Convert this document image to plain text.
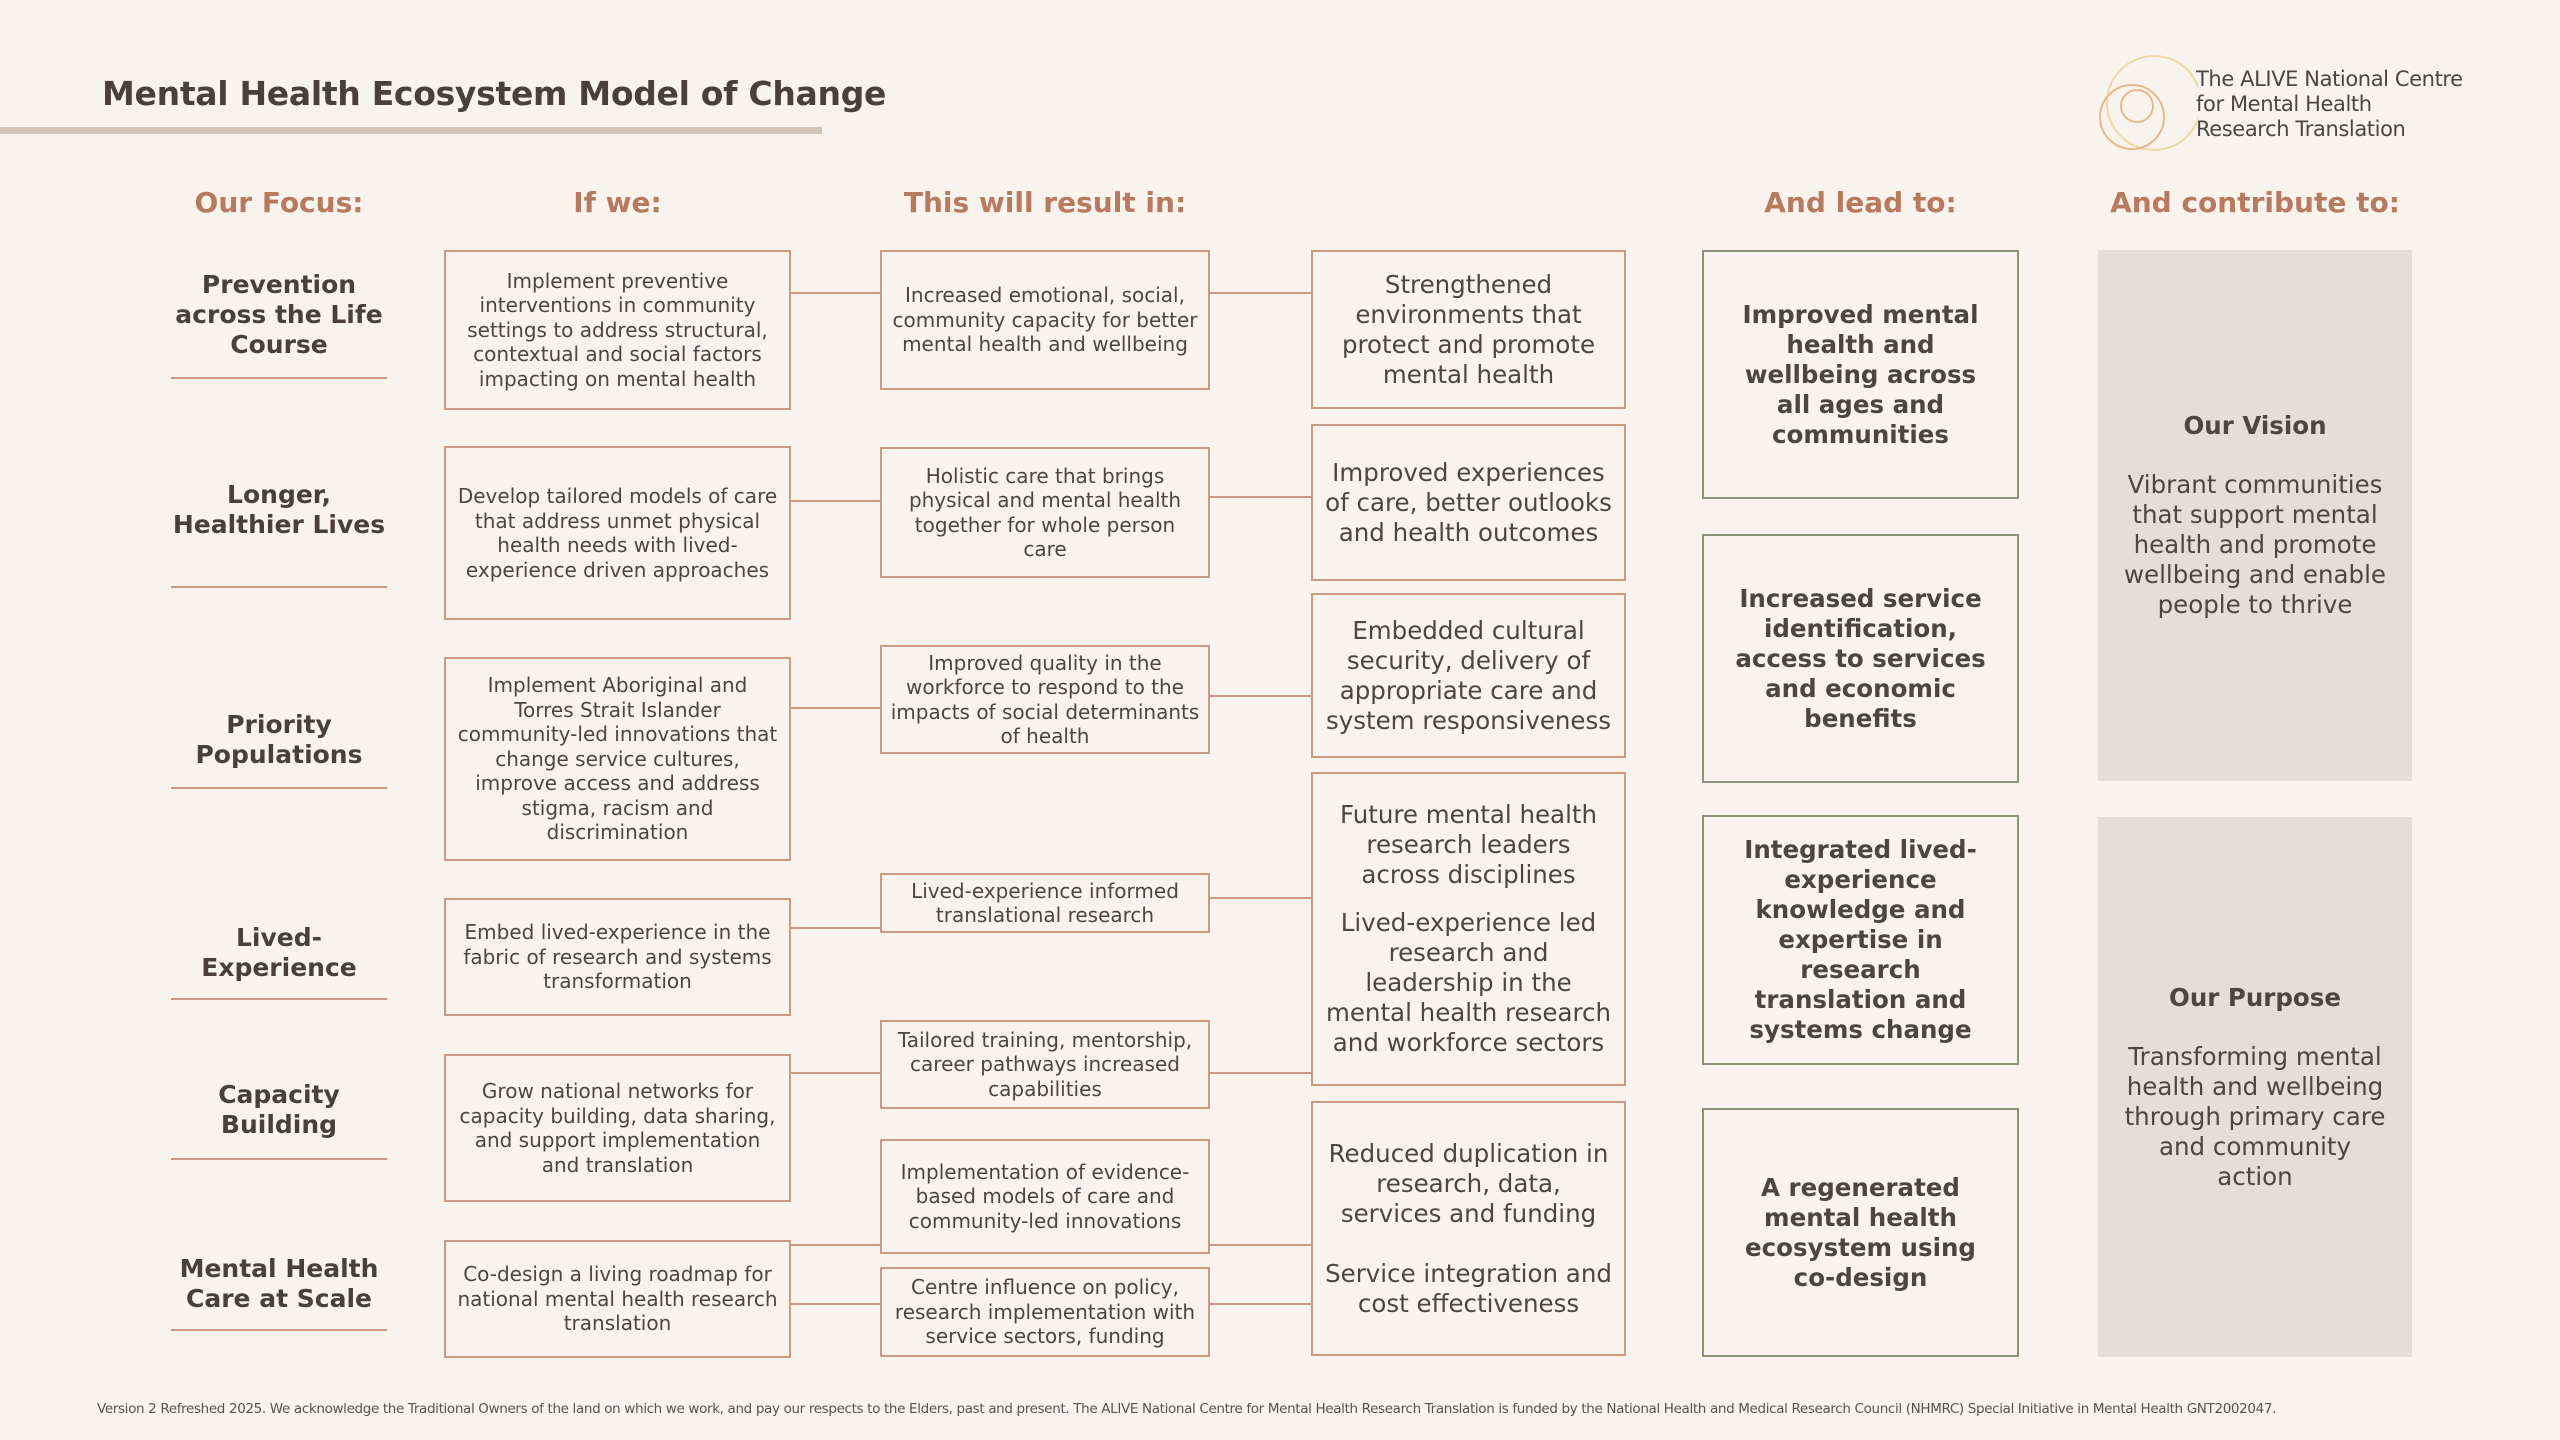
Mental Health Ecosystem Model of Change	The ALIVE National Centre
for Mental Health
Research Translation
Our Focus:	If we:	This will result in:	And lead to:	And contribute to:
Prevention across the Life Course
Longer, Healthier Lives
Priority Populations
Lived-Experience
Capacity Building
Mental Health Care at Scale
Implement preventive interventions in community settings to address structural, contextual and social factors impacting on mental health
Develop tailored models of care that address unmet physical health needs with lived-experience driven approaches
Implement Aboriginal and Torres Strait Islander community-led innovations that change service cultures, improve access and address stigma, racism and discrimination
Embed lived-experience in the fabric of research and systems transformation
Grow national networks for capacity building, data sharing, and support implementation and translation
Co-design a living roadmap for national mental health research translation
Increased emotional, social, community capacity for better mental health and wellbeing
Holistic care that brings physical and mental health together for whole person care
Improved quality in the workforce to respond to the impacts of social determinants of health
Lived-experience informed translational research
Tailored training, mentorship, career pathways increased capabilities
Implementation of evidence-based models of care and community-led innovations
Centre influence on policy, research implementation with service sectors, funding
Strengthened environments that protect and promote mental health
Improved experiences of care, better outlooks and health outcomes
Embedded cultural security, delivery of appropriate care and system responsiveness
Future mental health research leaders across disciplines
Lived-experience led research and leadership in the mental health research and workforce sectors
Reduced duplication in research, data, services and funding
Service integration and cost effectiveness
Improved mental health and wellbeing across all ages and communities
Increased service identification, access to services and economic benefits
Integrated lived-experience knowledge and expertise in research translation and systems change
A regenerated mental health ecosystem using co-design
Our Vision
Vibrant communities that support mental health and promote wellbeing and enable people to thrive
Our Purpose
Transforming mental health and wellbeing through primary care and community action
Version 2 Refreshed 2025. We acknowledge the Traditional Owners of the land on which we work, and pay our respects to the Elders, past and present. The ALIVE National Centre for Mental Health Research Translation is funded by the National Health and Medical Research Council (NHMRC) Special Initiative in Mental Health GNT2002047.
